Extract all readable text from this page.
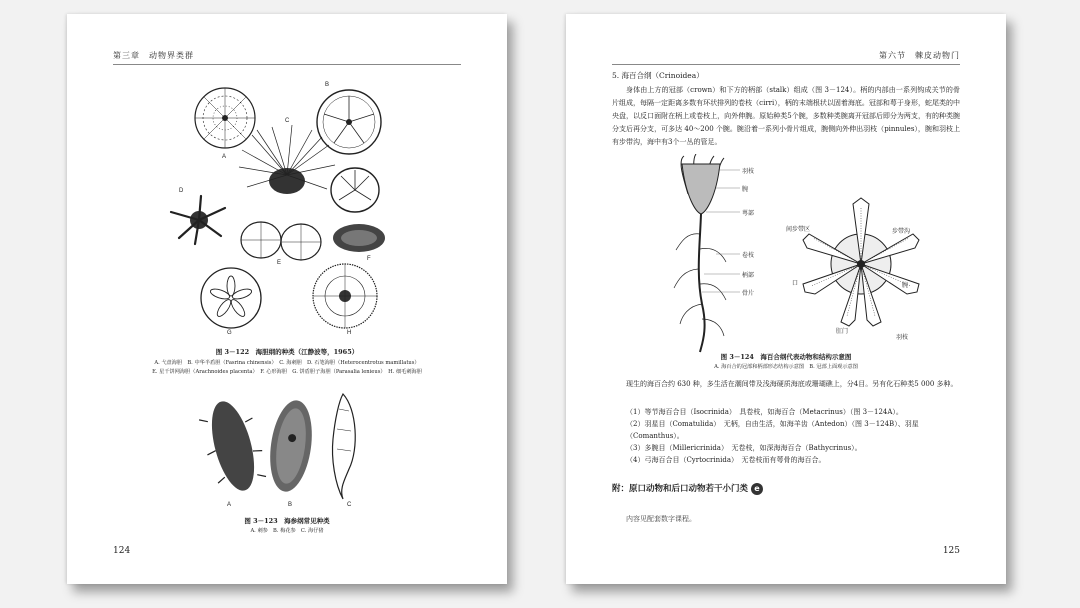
第三章　动物界类群
A
B
C
D
E
F
G	H
图 3－122　海胆纲的种类（江静波等，1965）
A. 弋盘海胆　B. 中华半盾胆（Fasrina chinensis）　C. 海刺胆　D. 石笔海胆（Heterocentrotus mamillatus）
E. 星千饼网海胆（Arachnoides placenta）　F. 心形海胆　G. 饼盾胆子海胆（Parasalia lenieus）　H. 细毛刺海胆
A	B	C
图 3－123　海参纲常见种类
A. 刺参　B. 梅花参　C. 海仔猪
124
第六节　棘皮动物门
5. 海百合纲（Crinoidea）
身体由上方的冠部（crown）和下方的柄部（stalk）组成（图 3－124）。柄的内部由一系列钩成关节的骨片组成，每隔一定距离多数有环状排列的卷枝（cirri），柄的末端根状以固着海底。冠部和萼于身形，蛇尾类的中央盘，以反口面附在柄上或卷枝上，向外伸腕。原始种类5个腕，多数种类腕离开冠部后即分为两支，有的种类腕分支后再分支，可多达 40～200 个腕。腕沿着一系列小骨片组成，腕侧向外伸出羽枝（pinnules），腕和羽枝上有步带沟，海中有3个一丛的管足。
羽枝
腕
萼部
卷枝
柄部
骨片
间步带区	步带沟
口	腕
肛门
羽枝
图 3－124　海百合纲代表动物和结构示意图
A. 海百合的冠部和柄部形态结构示意图　B. 冠部上面观示意图
现生的海百合约 630 种，多生活在潮间带及浅海硬质海底或珊瑚礁上，分4目。另有化石种类5 000 多种。
（1）等节海百合目（Isocrinida）　具卷枝，如海百合（Metacrinus）（图 3－124A）。
（2）羽星目（Comatulida）　无柄，自由生活，如海羊齿（Antedon）（图 3－124B）、羽星（Comanthus）。
（3）多腕目（Millericrinida）　无卷枝，如深海海百合（Bathycrinus）。
（4）弓海百合目（Cyrtocrinida）　无卷枝而有萼骨的海百合。
附：原口动物和后口动物若干小门类 e
内容见配套数字课程。
125
